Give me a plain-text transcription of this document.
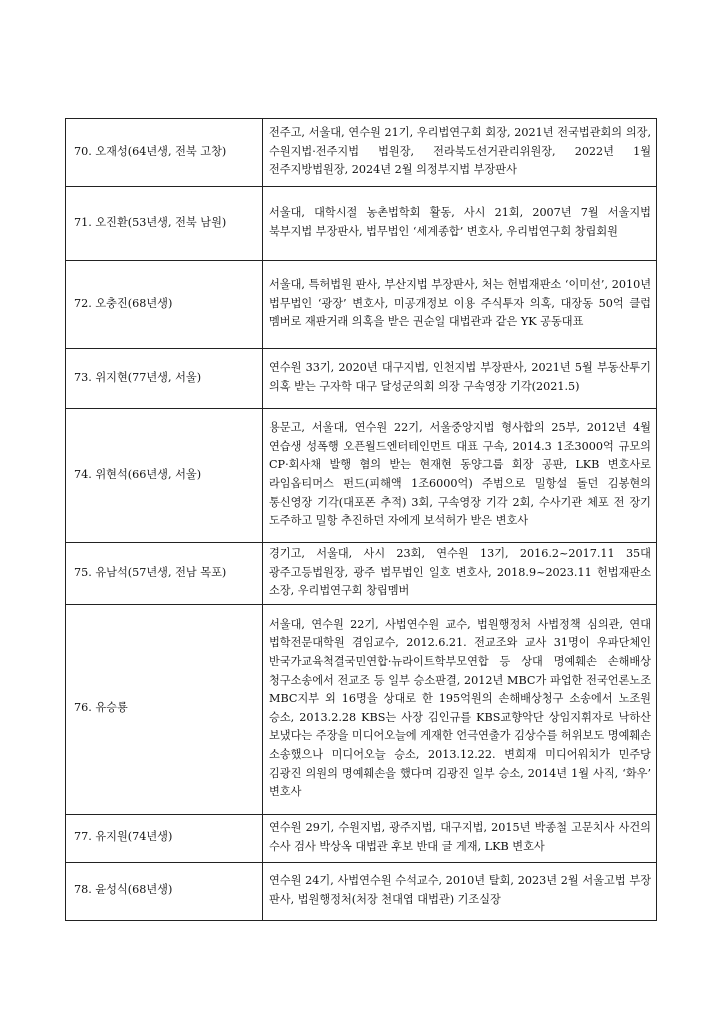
70. 오재성(64년생, 전북 고창)	전주고, 서울대, 연수원 21기, 우리법연구회 회장, 2021년 전국법관회의 의장, 수원지법·전주지법 법원장, 전라북도선거관리위원장, 2022년 1월 전주지방법원장, 2024년 2월 의정부지법 부장판사
71. 오진환(53년생, 전북 남원)	서울대, 대학시절 농촌법학회 활동, 사시 21회, 2007년 7월 서울지법 북부지법 부장판사, 법무법인 ‘세계종합’ 변호사, 우리법연구회 창립회원
72. 오충진(68년생)	서울대, 특허법원 판사, 부산지법 부장판사, 처는 헌법재판소 ‘이미선’, 2010년 법무법인 ‘광장’ 변호사, 미공개정보 이용 주식투자 의혹, 대장동 50억 클럽 멤버로 재판거래 의혹을 받은 권순일 대법관과 같은 YK 공동대표
73. 위지현(77년생, 서울)	연수원 33기, 2020년 대구지법, 인천지법 부장판사, 2021년 5월 부동산투기 의혹 받는 구자학 대구 달성군의회 의장 구속영장 기각(2021.5)
74. 위현석(66년생, 서울)	용문고, 서울대, 연수원 22기, 서울중앙지법 형사합의 25부, 2012년 4월 연습생 성폭행 오픈월드엔터테인먼트 대표 구속, 2014.3 1조3000억 규모의 CP·회사채 발행 혐의 받는 현재현 동양그룹 회장 공판, LKB 변호사로 라임옵티머스 펀드(피해액 1조6000억) 주범으로 밀항설 돌던 김봉현의 통신영장 기각(대포폰 추적) 3회, 구속영장 기각 2회, 수사기관 체포 전 장기 도주하고 밀항 추진하던 자에게 보석허가 받은 변호사
75. 유남석(57년생, 전남 목포)	경기고, 서울대, 사시 23회, 연수원 13기, 2016.2~2017.11 35대 광주고등법원장, 광주 법무법인 일호 변호사, 2018.9~2023.11 헌법재판소 소장, 우리법연구회 창립멤버
76. 유승룡	서울대, 연수원 22기, 사법연수원 교수, 법원행정처 사법정책 심의관, 연대 법학전문대학원 겸임교수, 2012.6.21. 전교조와 교사 31명이 우파단체인 반국가교육척결국민연합·뉴라이트학부모연합 등 상대 명예훼손 손해배상 청구소송에서 전교조 등 일부 승소판결, 2012년 MBC가 파업한 전국언론노조 MBC지부 외 16명을 상대로 한 195억원의 손해배상청구 소송에서 노조원 승소, 2013.2.28 KBS는 사장 김인규를 KBS교향악단 상임지휘자로 낙하산 보냈다는 주장을 미디어오늘에 게재한 언극연출가 김상수를 허위보도 명예훼손 소송했으나 미디어오늘 승소, 2013.12.22. 변희재 미디어워치가 민주당 김광진 의원의 명예훼손을 했다며 김광진 일부 승소, 2014년 1월 사직, ‘화우’ 변호사
77. 유지원(74년생)	연수원 29기, 수원지법, 광주지법, 대구지법, 2015년 박종철 고문치사 사건의 수사 검사 박상옥 대법관 후보 반대 글 게재, LKB 변호사
78. 윤성식(68년생)	연수원 24기, 사법연수원 수석교수, 2010년 탈회, 2023년 2월 서울고법 부장 판사, 법원행정처(처장 천대엽 대법관) 기조실장
